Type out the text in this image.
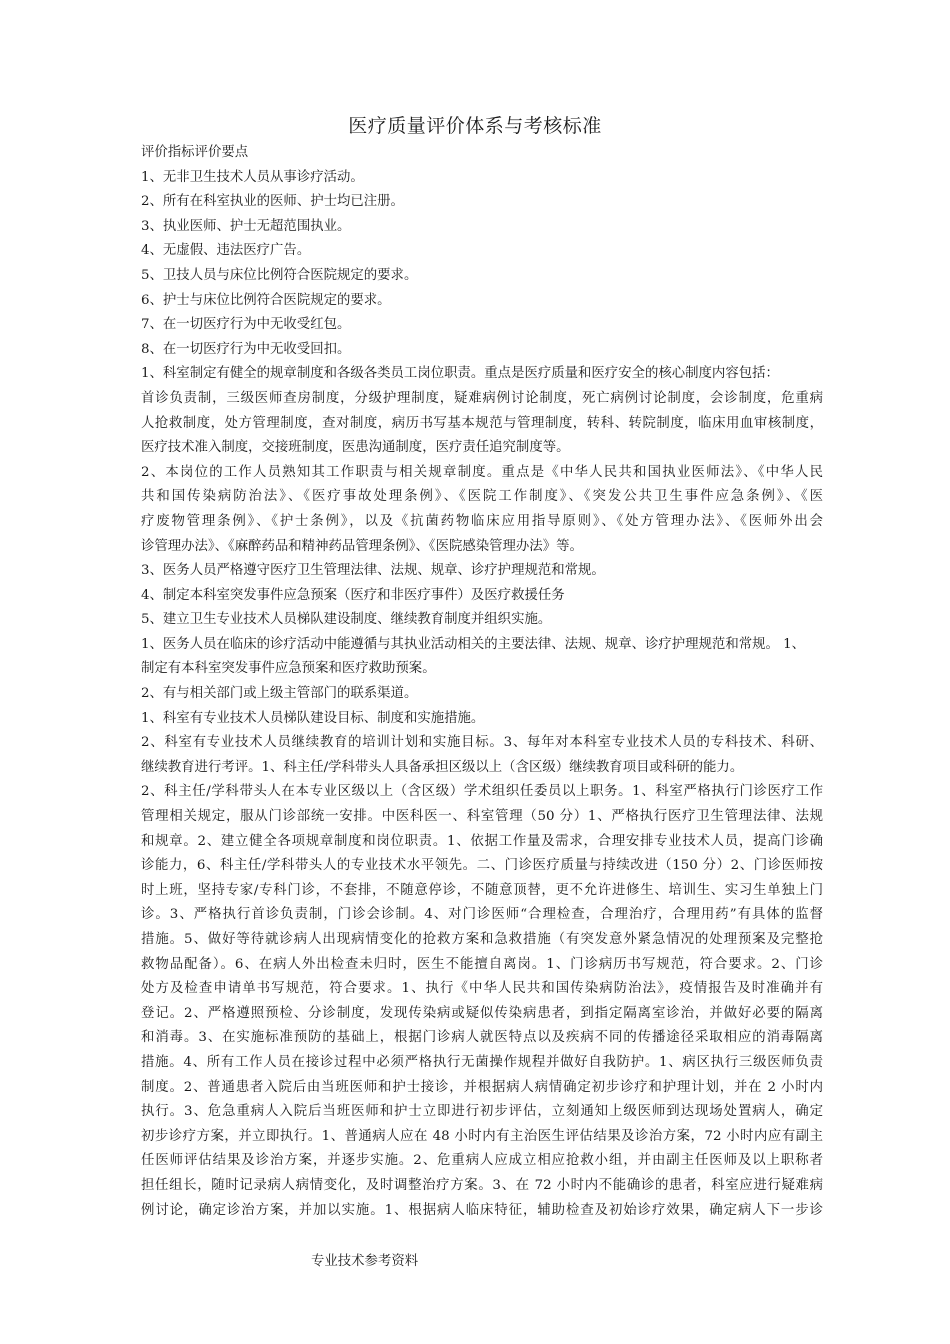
医疗质量评价体系与考核标准
评价指标评价要点
1、无非卫生技术人员从事诊疗活动。
2、所有在科室执业的医师、护士均已注册。
3、执业医师、护士无超范围执业。
4、无虚假、违法医疗广告。
5、卫技人员与床位比例符合医院规定的要求。
6、护士与床位比例符合医院规定的要求。
7、在一切医疗行为中无收受红包。
8、在一切医疗行为中无收受回扣。
1、科室制定有健全的规章制度和各级各类员工岗位职责。重点是医疗质量和医疗安全的核心制度内容包括：
首诊负责制，三级医师查房制度，分级护理制度，疑难病例讨论制度，死亡病例讨论制度，会诊制度，危重病
人抢救制度，处方管理制度，查对制度，病历书写基本规范与管理制度，转科、转院制度，临床用血审核制度，
医疗技术准入制度，交接班制度，医患沟通制度，医疗责任追究制度等。
2、本岗位的工作人员熟知其工作职责与相关规章制度。重点是《中华人民共和国执业医师法》、《中华人民
共和国传染病防治法》、《医疗事故处理条例》、《医院工作制度》、《突发公共卫生事件应急条例》、《医
疗废物管理条例》、《护士条例》，以及《抗菌药物临床应用指导原则》、《处方管理办法》、《医师外出会
诊管理办法》、《麻醉药品和精神药品管理条例》、《医院感染管理办法》等。
3、医务人员严格遵守医疗卫生管理法律、法规、规章、诊疗护理规范和常规。
4、制定本科室突发事件应急预案（医疗和非医疗事件）及医疗救援任务
5、建立卫生专业技术人员梯队建设制度、继续教育制度并组织实施。
1、医务人员在临床的诊疗活动中能遵循与其执业活动相关的主要法律、法规、规章、诊疗护理规范和常规。 1、
制定有本科室突发事件应急预案和医疗救助预案。
2、有与相关部门或上级主管部门的联系渠道。
1、科室有专业技术人员梯队建设目标、制度和实施措施。
2、科室有专业技术人员继续教育的培训计划和实施目标。3、每年对本科室专业技术人员的专科技术、科研、
继续教育进行考评。1、科主任/学科带头人具备承担区级以上（含区级）继续教育项目或科研的能力。
2、科主任/学科带头人在本专业区级以上（含区级）学术组织任委员以上职务。1、科室严格执行门诊医疗工作
管理相关规定，服从门诊部统一安排。中医科医一、科室管理（50 分）1、严格执行医疗卫生管理法律、法规
和规章。2、建立健全各项规章制度和岗位职责。1、依据工作量及需求，合理安排专业技术人员，提高门诊确
诊能力，6、科主任/学科带头人的专业技术水平领先。二、门诊医疗质量与持续改进（150 分）2、门诊医师按
时上班，坚持专家/专科门诊，不套排，不随意停诊，不随意顶替，更不允许进修生、培训生、实习生单独上门
诊。3、严格执行首诊负责制，门诊会诊制。4、对门诊医师“合理检查，合理治疗，合理用药”有具体的监督
措施。5、做好等待就诊病人出现病情变化的抢救方案和急救措施（有突发意外紧急情况的处理预案及完整抢
救物品配备）。6、在病人外出检查未归时，医生不能擅自离岗。1、门诊病历书写规范，符合要求。2、门诊
处方及检查申请单书写规范，符合要求。1、执行《中华人民共和国传染病防治法》，疫情报告及时准确并有
登记。2、严格遵照预检、分诊制度，发现传染病或疑似传染病患者，到指定隔离室诊治，并做好必要的隔离
和消毒。3、在实施标准预防的基础上，根据门诊病人就医特点以及疾病不同的传播途径采取相应的消毒隔离
措施。4、所有工作人员在接诊过程中必须严格执行无菌操作规程并做好自我防护。1、病区执行三级医师负责
制度。2、普通患者入院后由当班医师和护士接诊，并根据病人病情确定初步诊疗和护理计划，并在 2 小时内
执行。3、危急重病人入院后当班医师和护士立即进行初步评估，立刻通知上级医师到达现场处置病人，确定
初步诊疗方案，并立即执行。1、普通病人应在 48 小时内有主治医生评估结果及诊治方案，72 小时内应有副主
任医师评估结果及诊治方案，并逐步实施。2、危重病人应成立相应抢救小组，并由副主任医师及以上职称者
担任组长，随时记录病人病情变化，及时调整治疗方案。3、在 72 小时内不能确诊的患者，科室应进行疑难病
例讨论，确定诊治方案，并加以实施。1、根据病人临床特征，辅助检查及初始诊疗效果，确定病人下一步诊
专业技术参考资料
